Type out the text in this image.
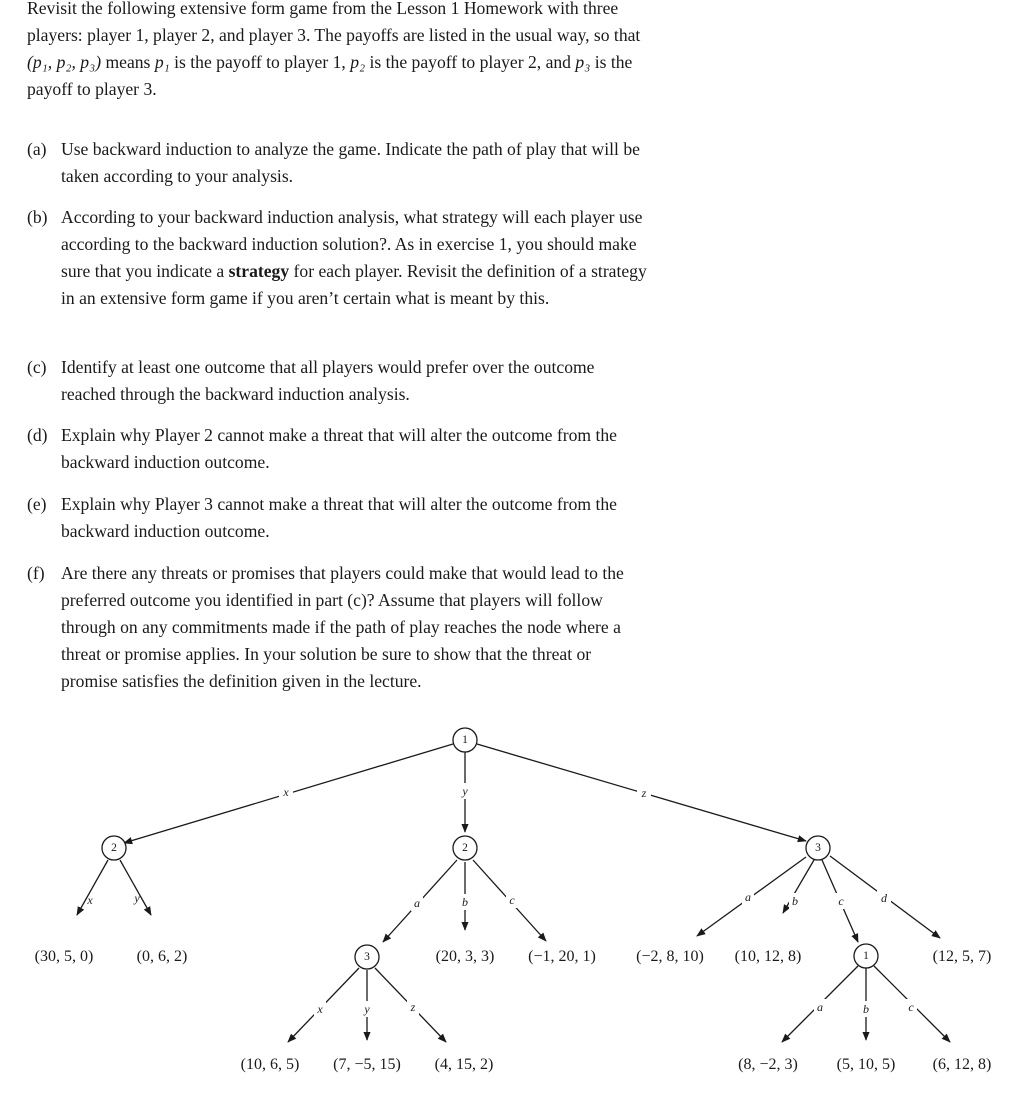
Revisit the following extensive form game from the Lesson 1 Homework with three players: player 1, player 2, and player 3. The payoffs are listed in the usual way, so that (p₁, p₂, p₃) means p₁ is the payoff to player 1, p₂ is the payoff to player 2, and p₃ is the payoff to player 3.
(a) Use backward induction to analyze the game. Indicate the path of play that will be taken according to your analysis.
(b) According to your backward induction analysis, what strategy will each player use according to the backward induction solution?. As in exercise 1, you should make sure that you indicate a strategy for each player. Revisit the definition of a strategy in an extensive form game if you aren’t certain what is meant by this.
(c) Identify at least one outcome that all players would prefer over the outcome reached through the backward induction analysis.
(d) Explain why Player 2 cannot make a threat that will alter the outcome from the backward induction outcome.
(e) Explain why Player 3 cannot make a threat that will alter the outcome from the backward induction outcome.
(f) Are there any threats or promises that players could make that would lead to the preferred outcome you identified in part (c)? Assume that players will follow through on any commitments made if the path of play reaches the node where a threat or promise applies. In your solution be sure to show that the threat or promise satisfies the definition given in the lecture.
1
2	2	3
3	1
x	y	z
x	y	a	b	c
x	y	z
a	b	c	d
a	b	c
(30, 5, 0)	(0, 6, 2)	(20, 3, 3) (−1, 20, 1)
(10, 6, 5) (7, −5, 15) (4, 15, 2)
(−2, 8, 10) (10, 12, 8)	(12, 5, 7)
(8, −2, 3) (5, 10, 5) (6, 12, 8)
